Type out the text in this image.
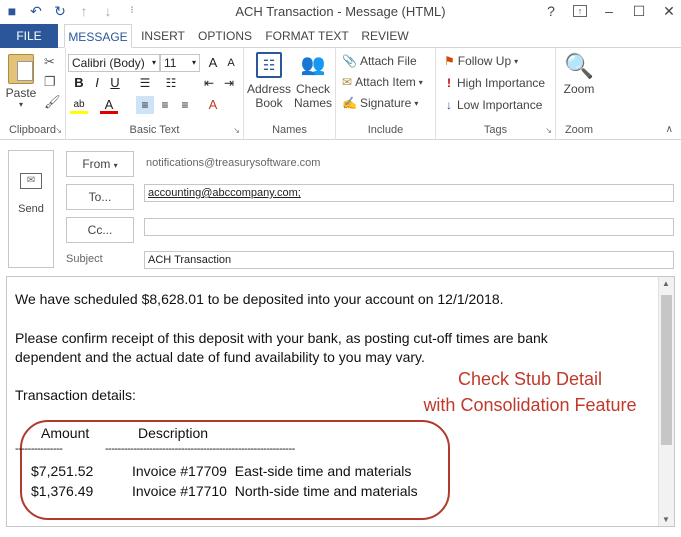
■ ↶ ↻	↑	↓	⁝	ACH Transaction - Message (HTML)	?	↑	– ☐ ✕
FILE	MESSAGE	INSERT OPTIONS FORMAT TEXT REVIEW
Paste
▾
✂
❐
🖌
Clipboard ↘
Calibri (Body) ▾ 11 ▾ A A
B I U	☰	☷	⇤ ⇥
ab	A	≡	≡	≡	A
Basic Text	↘
☷
Address
Book
👥
Check
Names
Names
📎 Attach File
✉ Attach Item ▾
✍ Signature ▾
Include
⚑ Follow Up ▾
! High Importance
↓ Low Importance
Tags	↘
🔍
Zoom
Zoom	∧
✉
Send
From ▾	notifications@treasurysoftware.com
To...	accounting@abccompany.com;
Cc...
Subject	ACH Transaction
We have scheduled $8,628.01 to be deposited into your account on 12/1/2018.
Please confirm receipt of this deposit with your bank, as posting cut-off times are bank
dependent and the actual date of fund availability to you may vary.
Transaction details:
Check Stub Detail
with Consolidation Feature
Amount	Description
---------------	------------------------------------------------------------
$7,251.52	Invoice #17709  East-side time and materials
$1,376.49	Invoice #17710  North-side time and materials
▲
▼
